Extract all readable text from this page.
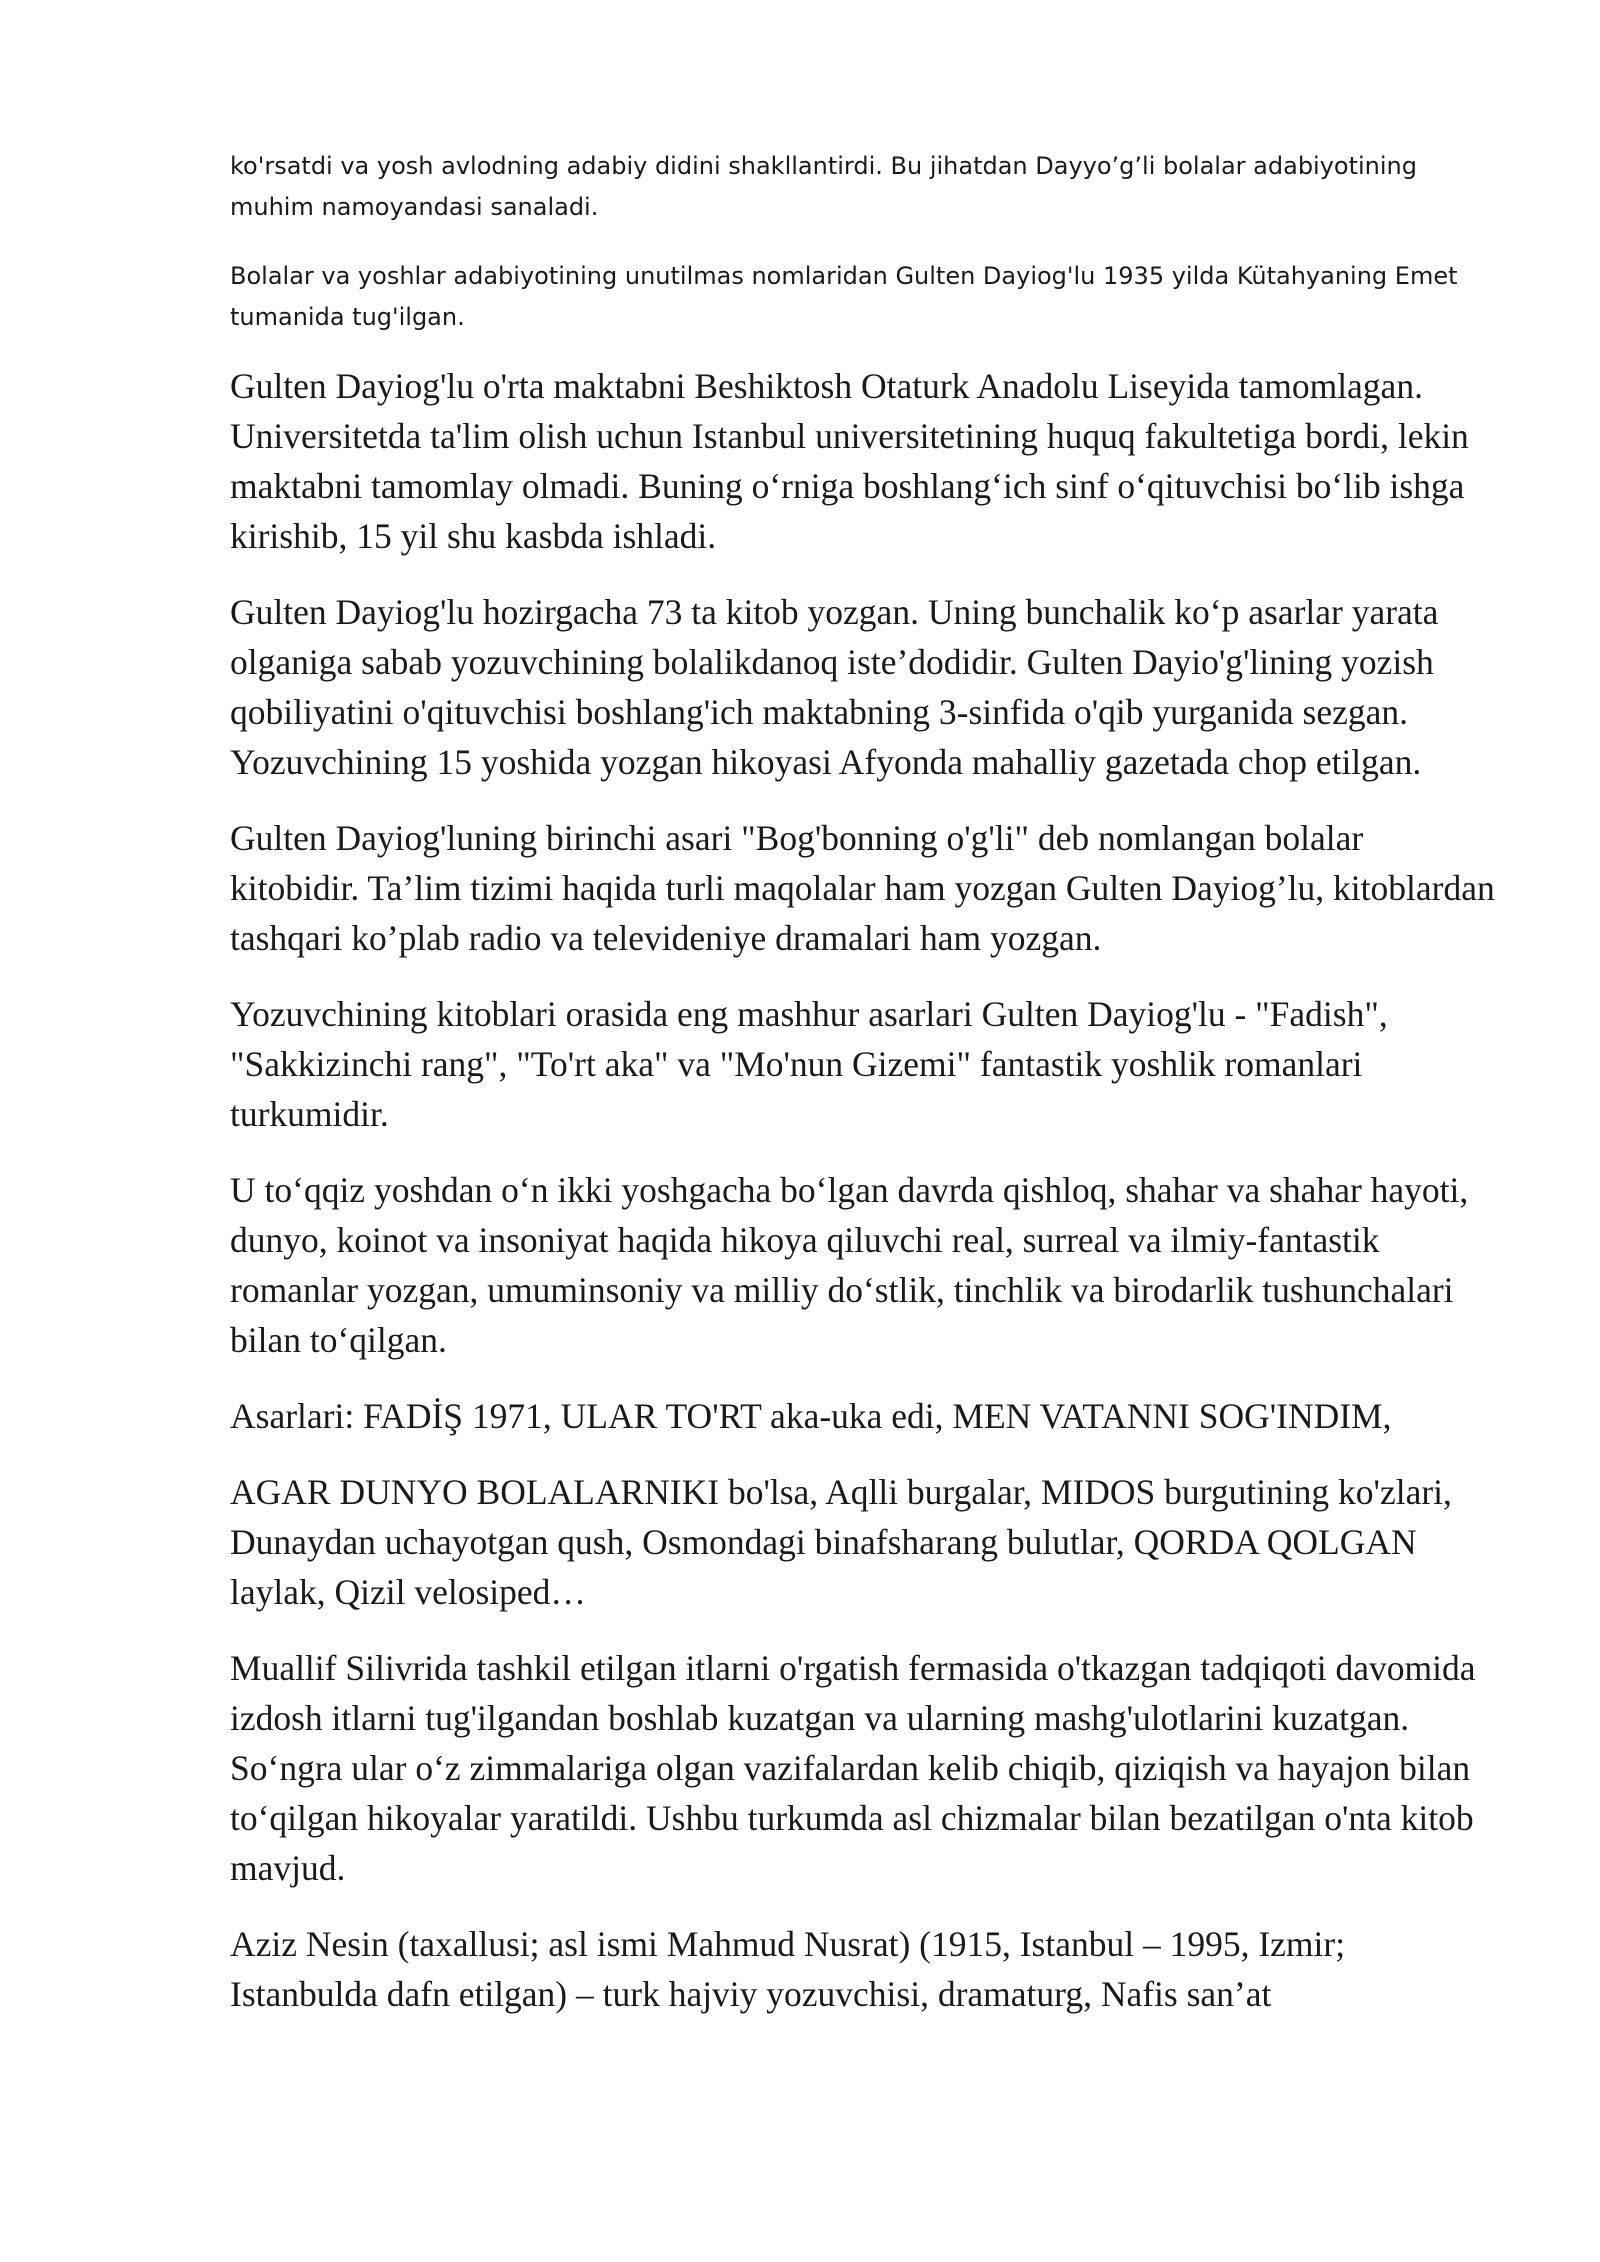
ko'rsatdi va yosh avlodning adabiy didini shakllantirdi. Bu jihatdan Dayyo’g’li bolalar adabiyotining muhim namoyandasi sanaladi.

Bolalar va yoshlar adabiyotining unutilmas nomlaridan Gulten Dayiog'lu 1935 yilda Kütahyaning Emet tumanida tug'ilgan.

Gulten Dayiog'lu o'rta maktabni Beshiktosh Otaturk Anadolu Liseyida tamomlagan. Universitetda ta'lim olish uchun Istanbul universitetining huquq fakultetiga bordi, lekin maktabni tamomlay olmadi. Buning o‘rniga boshlang‘ich sinf o‘qituvchisi bo‘lib ishga kirishib, 15 yil shu kasbda ishladi.

Gulten Dayiog'lu hozirgacha 73 ta kitob yozgan. Uning bunchalik ko‘p asarlar yarata olganiga sabab yozuvchining bolalikdanoq iste’dodidir. Gulten Dayio'g'lining yozish qobiliyatini o'qituvchisi boshlang'ich maktabning 3-sinfida o'qib yurganida sezgan. Yozuvchining 15 yoshida yozgan hikoyasi Afyonda mahalliy gazetada chop etilgan.

Gulten Dayiog'luning birinchi asari "Bog'bonning o'g'li" deb nomlangan bolalar kitobidir. Ta’lim tizimi haqida turli maqolalar ham yozgan Gulten Dayiog’lu, kitoblardan tashqari ko’plab radio va televideniye dramalari ham yozgan.

Yozuvchining kitoblari orasida eng mashhur asarlari Gulten Dayiog'lu - "Fadish", "Sakkizinchi rang", "To'rt aka" va "Mo'nun Gizemi" fantastik yoshlik romanlari turkumidir.

U to‘qqiz yoshdan o‘n ikki yoshgacha bo‘lgan davrda qishloq, shahar va shahar hayoti, dunyo, koinot va insoniyat haqida hikoya qiluvchi real, surreal va ilmiy-fantastik romanlar yozgan, umuminsoniy va milliy do‘stlik, tinchlik va birodarlik tushunchalari bilan to‘qilgan.

Asarlari: FADİŞ 1971, ULAR TO'RT aka-uka edi, MEN VATANNI SOG'INDIM,

AGAR DUNYO BOLALARNIKI bo'lsa, Aqlli burgalar, MIDOS burgutining ko'zlari, Dunaydan uchayotgan qush, Osmondagi binafsharang bulutlar, QORDA QOLGAN laylak, Qizil velosiped…

Muallif Silivrida tashkil etilgan itlarni o'rgatish fermasida o'tkazgan tadqiqoti davomida izdosh itlarni tug'ilgandan boshlab kuzatgan va ularning mashg'ulotlarini kuzatgan. So‘ngra ular o‘z zimmalariga olgan vazifalardan kelib chiqib, qiziqish va hayajon bilan to‘qilgan hikoyalar yaratildi. Ushbu turkumda asl chizmalar bilan bezatilgan o'nta kitob mavjud.

Aziz Nesin (taxallusi; asl ismi Mahmud Nusrat) (1915, Istanbul – 1995, Izmir; Istanbulda dafn etilgan) – turk hajviy yozuvchisi, dramaturg, Nafis san’at
